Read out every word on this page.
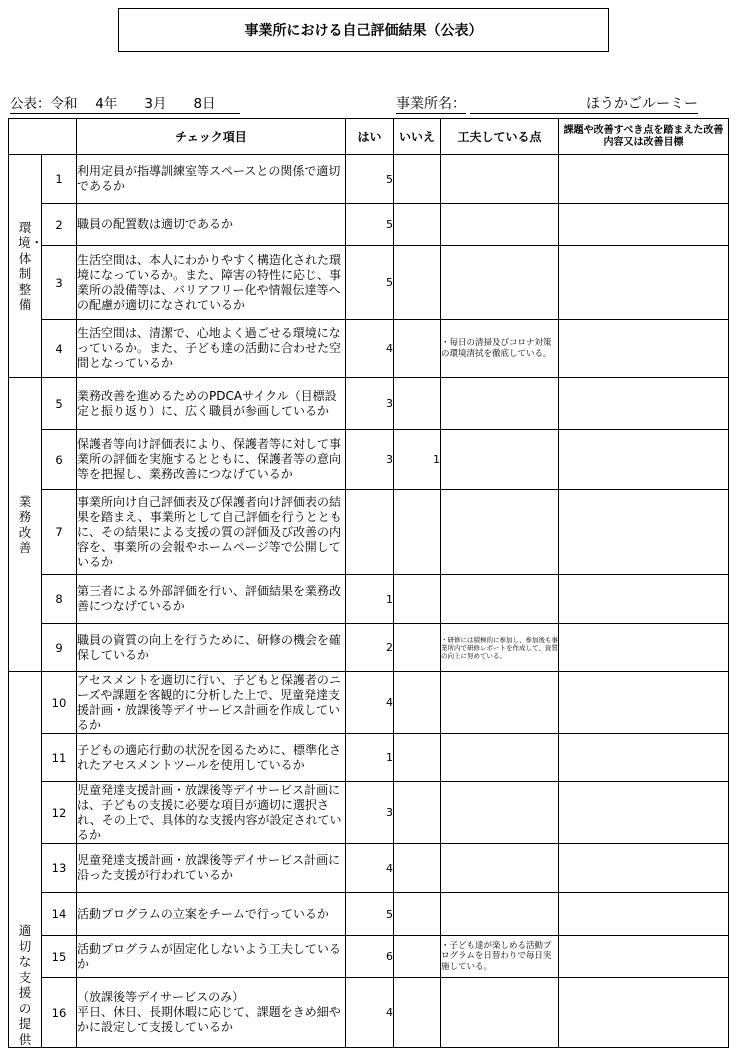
事業所における自己評価結果（公表）
公表：令和　 4年　　3月　　8日	事業所名：	ほうかごルーミー
		チェック項目	はい	いいえ	工夫している点	課題や改善すべき点を踏まえた改善内容又は改善目標
環境・体制整備	1	利用定員が指導訓練室等スペースとの関係で適切であるか	5			
	2	職員の配置数は適切であるか	5			
	3	生活空間は、本人にわかりやすく構造化された環境になっているか。また、障害の特性に応じ、事業所の設備等は、バリアフリー化や情報伝達等への配慮が適切になされているか	5			
	4	生活空間は、清潔で、心地よく過ごせる環境になっているか。また、子ども達の活動に合わせた空間となっているか	4		・毎日の清掃及びコロナ対策の環境清拭を徹底している。	
業務改善	5	業務改善を進めるためのPDCAサイクル（目標設定と振り返り）に、広く職員が参画しているか	3			
	6	保護者等向け評価表により、保護者等に対して事業所の評価を実施するとともに、保護者等の意向等を把握し、業務改善につなげているか	3	1		
	7	事業所向け自己評価表及び保護者向け評価表の結果を踏まえ、事業所として自己評価を行うとともに、その結果による支援の質の評価及び改善の内容を、事業所の会報やホームページ等で公開しているか				
	8	第三者による外部評価を行い、評価結果を業務改善につなげているか	1			
	9	職員の資質の向上を行うために、研修の機会を確保しているか	2		・研修には積極的に参加し、参加後も事業所内で研修レポートを作成して、資質の向上に努めている。	
適切な支援の提供	10	アセスメントを適切に行い、子どもと保護者のニーズや課題を客観的に分析した上で、児童発達支援計画・放課後等デイサービス計画を作成しているか	4			
	11	子どもの適応行動の状況を図るために、標準化されたアセスメントツールを使用しているか	1			
	12	児童発達支援計画・放課後等デイサービス計画には、子どもの支援に必要な項目が適切に選択され、その上で、具体的な支援内容が設定されているか	3			
	13	児童発達支援計画・放課後等デイサービス計画に沿った支援が行われているか	4			
	14	活動プログラムの立案をチームで行っているか	5			
	15	活動プログラムが固定化しないよう工夫しているか	6		・子ども達が楽しめる活動プログラムを日替わりで毎日実施している。	
	16	（放課後等デイサービスのみ）
平日、休日、長期休暇に応じて、課題をきめ細やかに設定して支援しているか	4			
